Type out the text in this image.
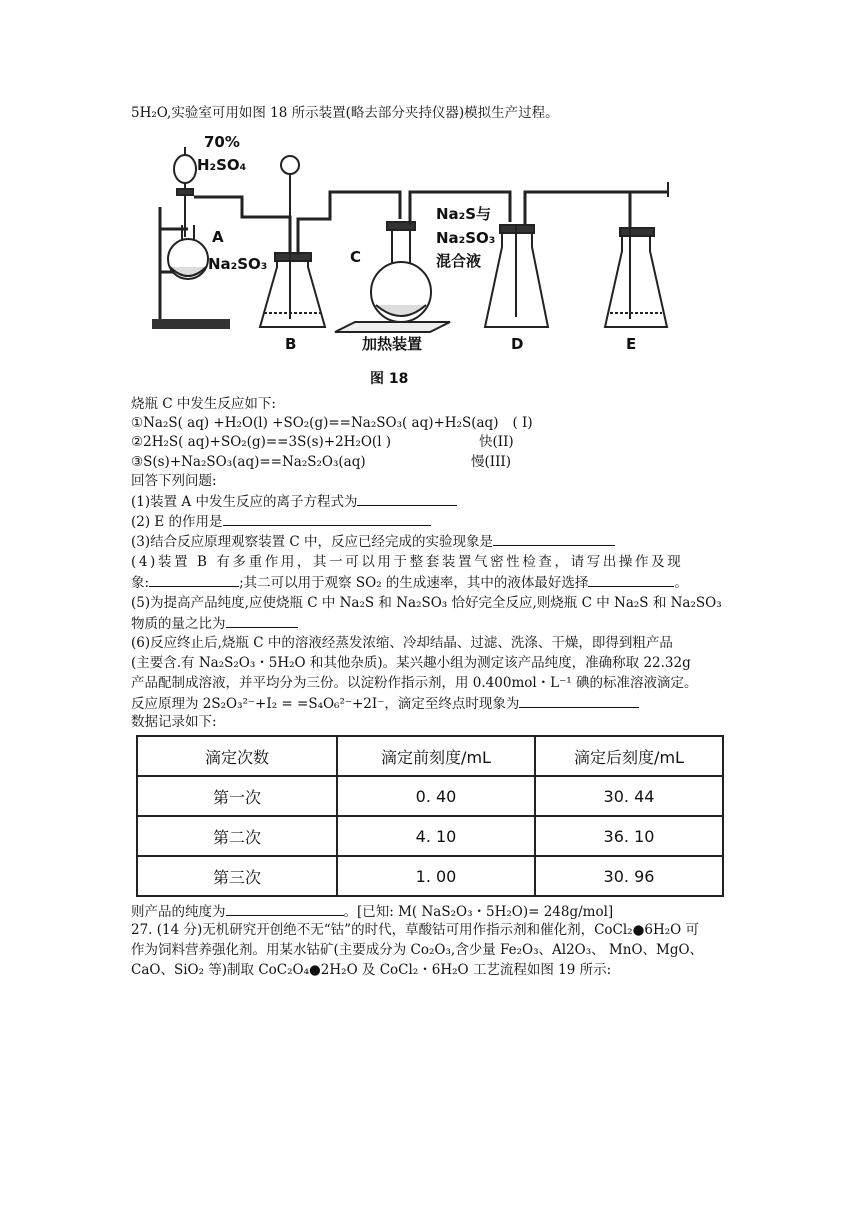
5H₂O,实验室可用如图 18 所示装置(略去部分夹持仪器)模拟生产过程。
70%
H₂SO₄
A
Na₂SO₃	C
Na₂S与
Na₂SO₃
混合液
B	加热装置	D	E
图 18
烧瓶 C 中发生反应如下:
①Na₂S( aq) +H₂O(l) +SO₂(g)==Na₂SO₃( aq)+H₂S(aq) ( I)
②2H₂S( aq)+SO₂(g)==3S(s)+2H₂O(l )	快(II)
③S(s)+Na₂SO₃(aq)==Na₂S₂O₃(aq)	慢(III)
回答下列问题:
(1)装置 A 中发生反应的离子方程式为
(2) E 的作用是
(3)结合反应原理观察装置 C 中，反应已经完成的实验现象是
(4)装置 B 有多重作用，其一可以用于整套装置气密性检查，请写出操作及现
象:	;其二可以用于观察 SO₂ 的生成速率，其中的液体最好选择	。
(5)为提高产品纯度,应使烧瓶 C 中 Na₂S 和 Na₂SO₃ 恰好完全反应,则烧瓶 C 中 Na₂S 和 Na₂SO₃
物质的量之比为
(6)反应终止后,烧瓶 C 中的溶液经蒸发浓缩、冷却结晶、过滤、洗涤、干燥，即得到粗产品
(主要含.有 Na₂S₂O₃・5H₂O 和其他杂质)。某兴趣小组为测定该产品纯度，准确称取 22.32g
产品配制成溶液，并平均分为三份。以淀粉作指示剂，用 0.400mol・L⁻¹ 碘的标准溶液滴定。
反应原理为 2S₂O₃²⁻+I₂ = =S₄O₆²⁻+2I⁻，滴定至终点时现象为
数据记录如下:
滴定次数	滴定前刻度/mL	滴定后刻度/mL
第一次	0. 40	30. 44
第二次	4. 10	36. 10
第三次	1. 00	30. 96
则产品的纯度为	。[已知: M( NaS₂O₃・5H₂O)= 248g/mol]
27. (14 分)无机研究开创绝不无“钴”的时代，草酸钴可用作指示剂和催化剂，CoCl₂●6H₂O 可
作为饲料营养强化剂。用某水钴矿(主要成分为 Co₂O₃,含少量 Fe₂O₃、Al2O₃、 MnO、MgO、
CaO、SiO₂ 等)制取 CoC₂O₄●2H₂O 及 CoCl₂・6H₂O 工艺流程如图 19 所示:
